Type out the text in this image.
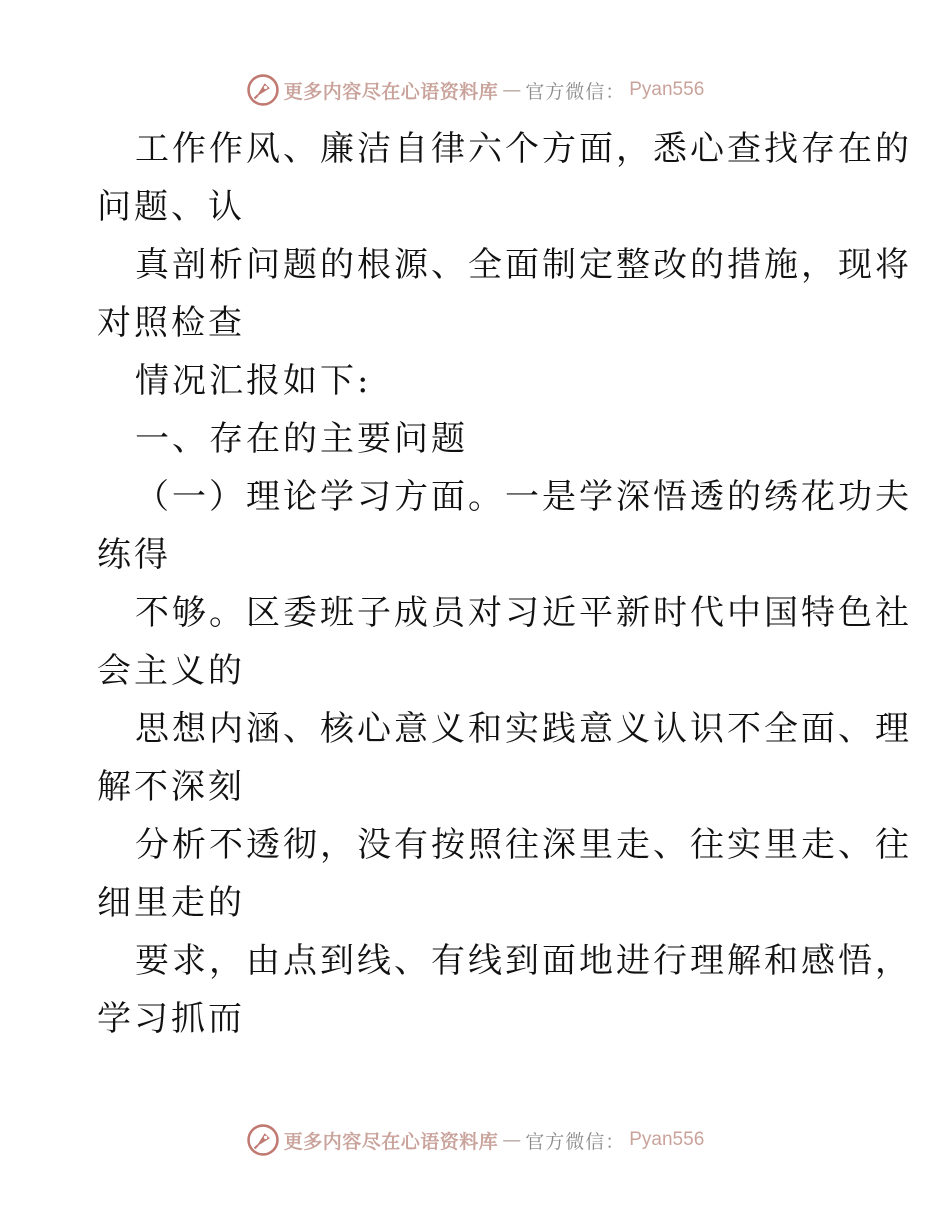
更多内容尽在心语资料库 — 官方微信： Pyan556
工作作风、廉洁自律六个方面，悉心查找存在的
问题、认
真剖析问题的根源、全面制定整改的措施，现将
对照检查
情况汇报如下:
一、存在的主要问题
（一）理论学习方面。一是学深悟透的绣花功夫
练得
不够。区委班子成员对习近平新时代中国特色社
会主义的
思想内涵、核心意义和实践意义认识不全面、理
解不深刻
分析不透彻，没有按照往深里走、往实里走、往
细里走的
要求，由点到线、有线到面地进行理解和感悟，
学习抓而
更多内容尽在心语资料库 — 官方微信： Pyan556
